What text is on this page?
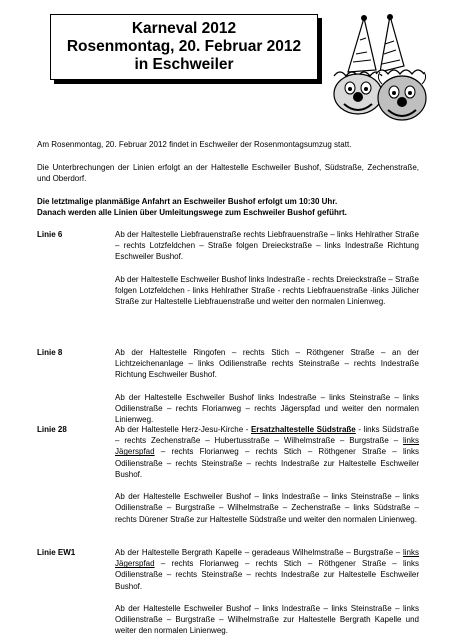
Karneval 2012
Rosenmontag, 20. Februar 2012
in Eschweiler
Am Rosenmontag, 20. Februar 2012 findet in Eschweiler der Rosenmontagsumzug statt.
Die Unterbrechungen der Linien erfolgt an der Haltestelle Eschweiler Bushof, Südstraße, Zechenstraße, und Oberdorf.
Die letztmalige planmäßige Anfahrt an Eschweiler Bushof erfolgt um 10:30 Uhr.
Danach werden alle Linien über Umleitungswege zum Eschweiler Bushof geführt.
Linie 6	Ab der Haltestelle Liebfrauenstraße rechts Liebfrauenstraße – links Hehlrather Straße – rechts Lotzfeldchen – Straße folgen Dreieckstraße – links Indestraße Richtung Eschweiler Bushof.
Ab der Haltestelle Eschweiler Bushof links Indestraße - rechts Dreieckstraße – Straße folgen Lotzfeldchen - links Hehlrather Straße - rechts Liebfrauenstraße -links Jülicher Straße zur Haltestelle Liebfrauenstraße und weiter den normalen Linienweg.
Linie 8	Ab der Haltestelle Ringofen – rechts Stich – Röthgener Straße – an der Lichtzeichenanlage – links Odilienstraße rechts Steinstraße – rechts Indestraße Richtung Eschweiler Bushof.
Ab der Haltestelle Eschweiler Bushof links Indestraße – links Steinstraße – links Odilienstraße – rechts Florianweg – rechts Jägerspfad und weiter den normalen Linienweg.
Linie 28	Ab der Haltestelle Herz-Jesu-Kirche - Ersatzhaltestelle Südstraße - links Südstraße – rechts Zechenstraße – Hubertusstraße – Wilhelmstraße – Burgstraße – links Jägerspfad – rechts Florianweg – rechts Stich – Röthgener Straße – links Odilienstraße – rechts Steinstraße – rechts Indestraße zur Haltestelle Eschweiler Bushof.
Ab der Haltestelle Eschweiler Bushof – links Indestraße – links Steinstraße – links Odilienstraße – Burgstraße – Wilhelmstraße – Zechenstraße – links Südstraße – rechts Dürener Straße zur Haltestelle Südstraße und weiter den normalen Linienweg.
Linie EW1	Ab der Haltestelle Bergrath Kapelle – geradeaus Wilhelmstraße – Burgstraße – links Jägerspfad – rechts Florianweg – rechts Stich – Röthgener Straße – links Odilienstraße – rechts Steinstraße – rechts Indestraße zur Haltestelle Eschweiler Bushof.
Ab der Haltestelle Eschweiler Bushof – links Indestraße – links Steinstraße – links Odilienstraße – Burgstraße – Wilhelmstraße zur Haltestelle Bergrath Kapelle und weiter den normalen Linienweg.
